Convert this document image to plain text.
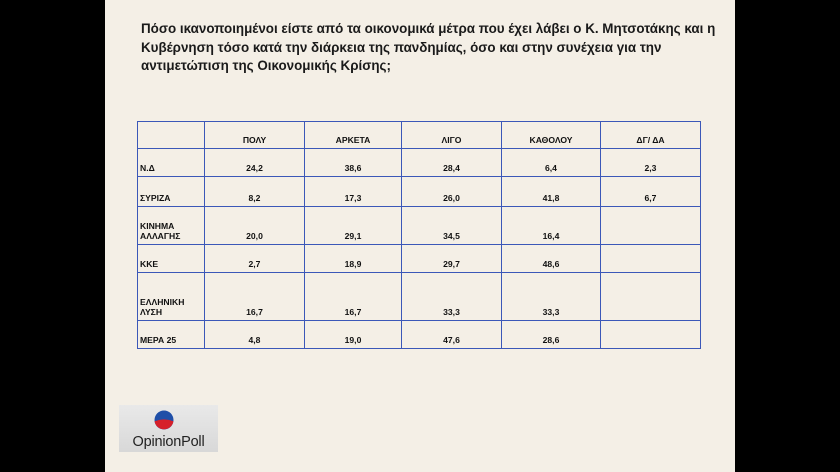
Πόσο ικανοποιημένοι είστε από τα οικονομικά μέτρα που έχει λάβει ο Κ. Μητσοτάκης και η Κυβέρνηση τόσο κατά την διάρκεια της πανδημίας, όσο και στην συνέχεια για την αντιμετώπιση της Οικονομικής Κρίσης;

	ΠΟΛΥ	ΑΡΚΕΤΑ	ΛΙΓΟ	ΚΑΘΟΛΟΥ	ΔΓ/ ΔΑ
Ν.Δ	24,2	38,6	28,4	6,4	2,3
ΣΥΡΙΖΑ	8,2	17,3	26,0	41,8	6,7
ΚΙΝΗΜΑ
ΑΛΛΑΓΗΣ	20,0	29,1	34,5	16,4	
ΚΚΕ	2,7	18,9	29,7	48,6	
ΕΛΛΗΝΙΚΗ
ΛΥΣΗ	16,7	16,7	33,3	33,3	
ΜΕΡΑ 25	4,8	19,0	47,6	28,6	
OpinionPoll
